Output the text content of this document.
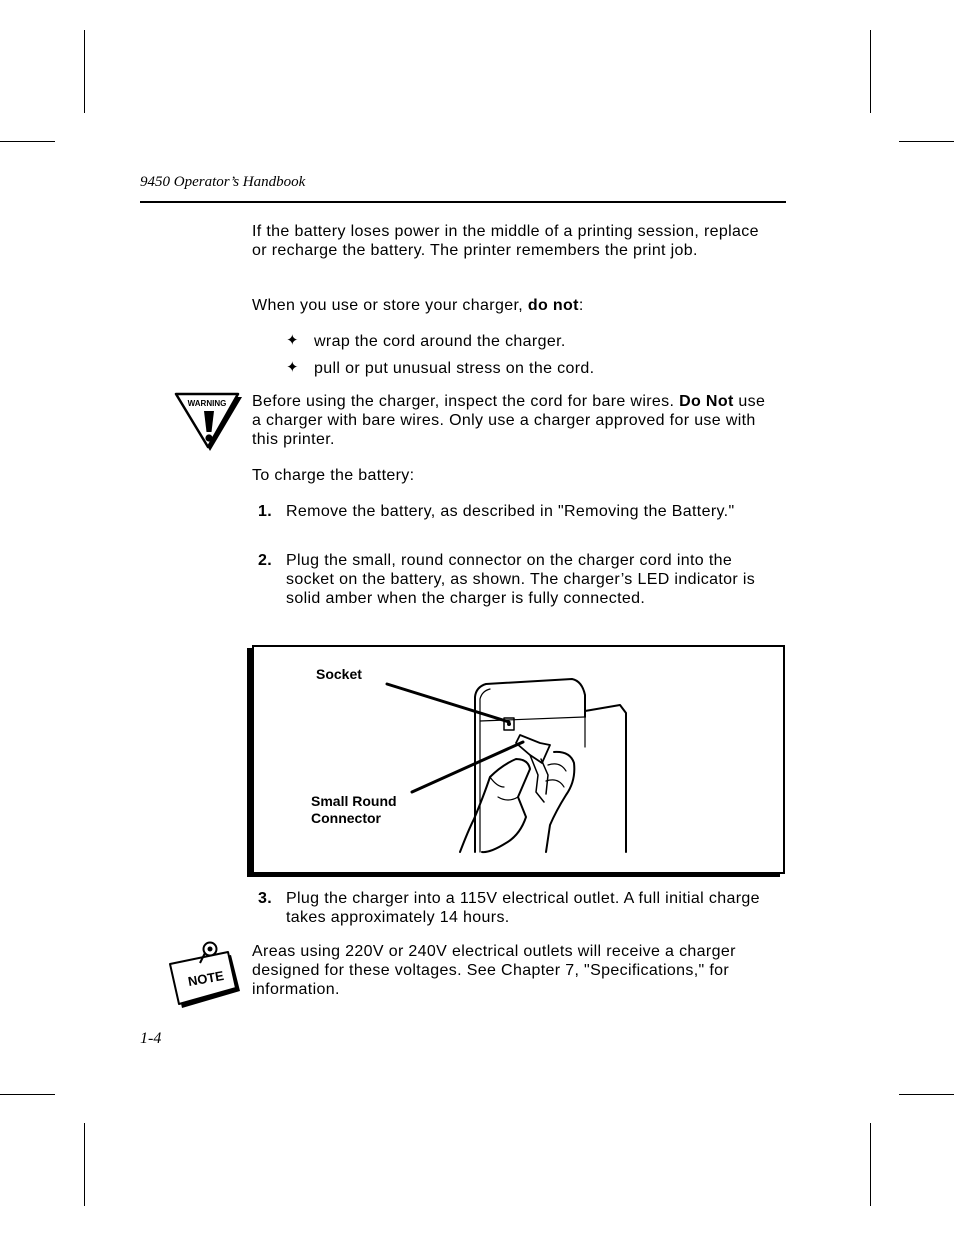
9450 Operator’s Handbook
If the battery loses power in the middle of a printing session, replace or recharge the battery. The printer remembers the print job.
When you use or store your charger, do not:
✦ wrap the cord around the charger.
✦ pull or put unusual stress on the cord.
WARNING Before using the charger, inspect the cord for bare wires. Do Not use a charger with bare wires. Only use a charger approved for use with this printer.
To charge the battery:
1. Remove the battery, as described in "Removing the Battery."
2. Plug the small, round connector on the charger cord into the socket on the battery, as shown. The charger’s LED indicator is solid amber when the charger is fully connected.
Socket
Small Round
Connector
3. Plug the charger into a 115V electrical outlet. A full initial charge takes approximately 14 hours.
NOTE
Areas using 220V or 240V electrical outlets will receive a charger designed for these voltages. See Chapter 7, "Specifications," for information.
1-4
